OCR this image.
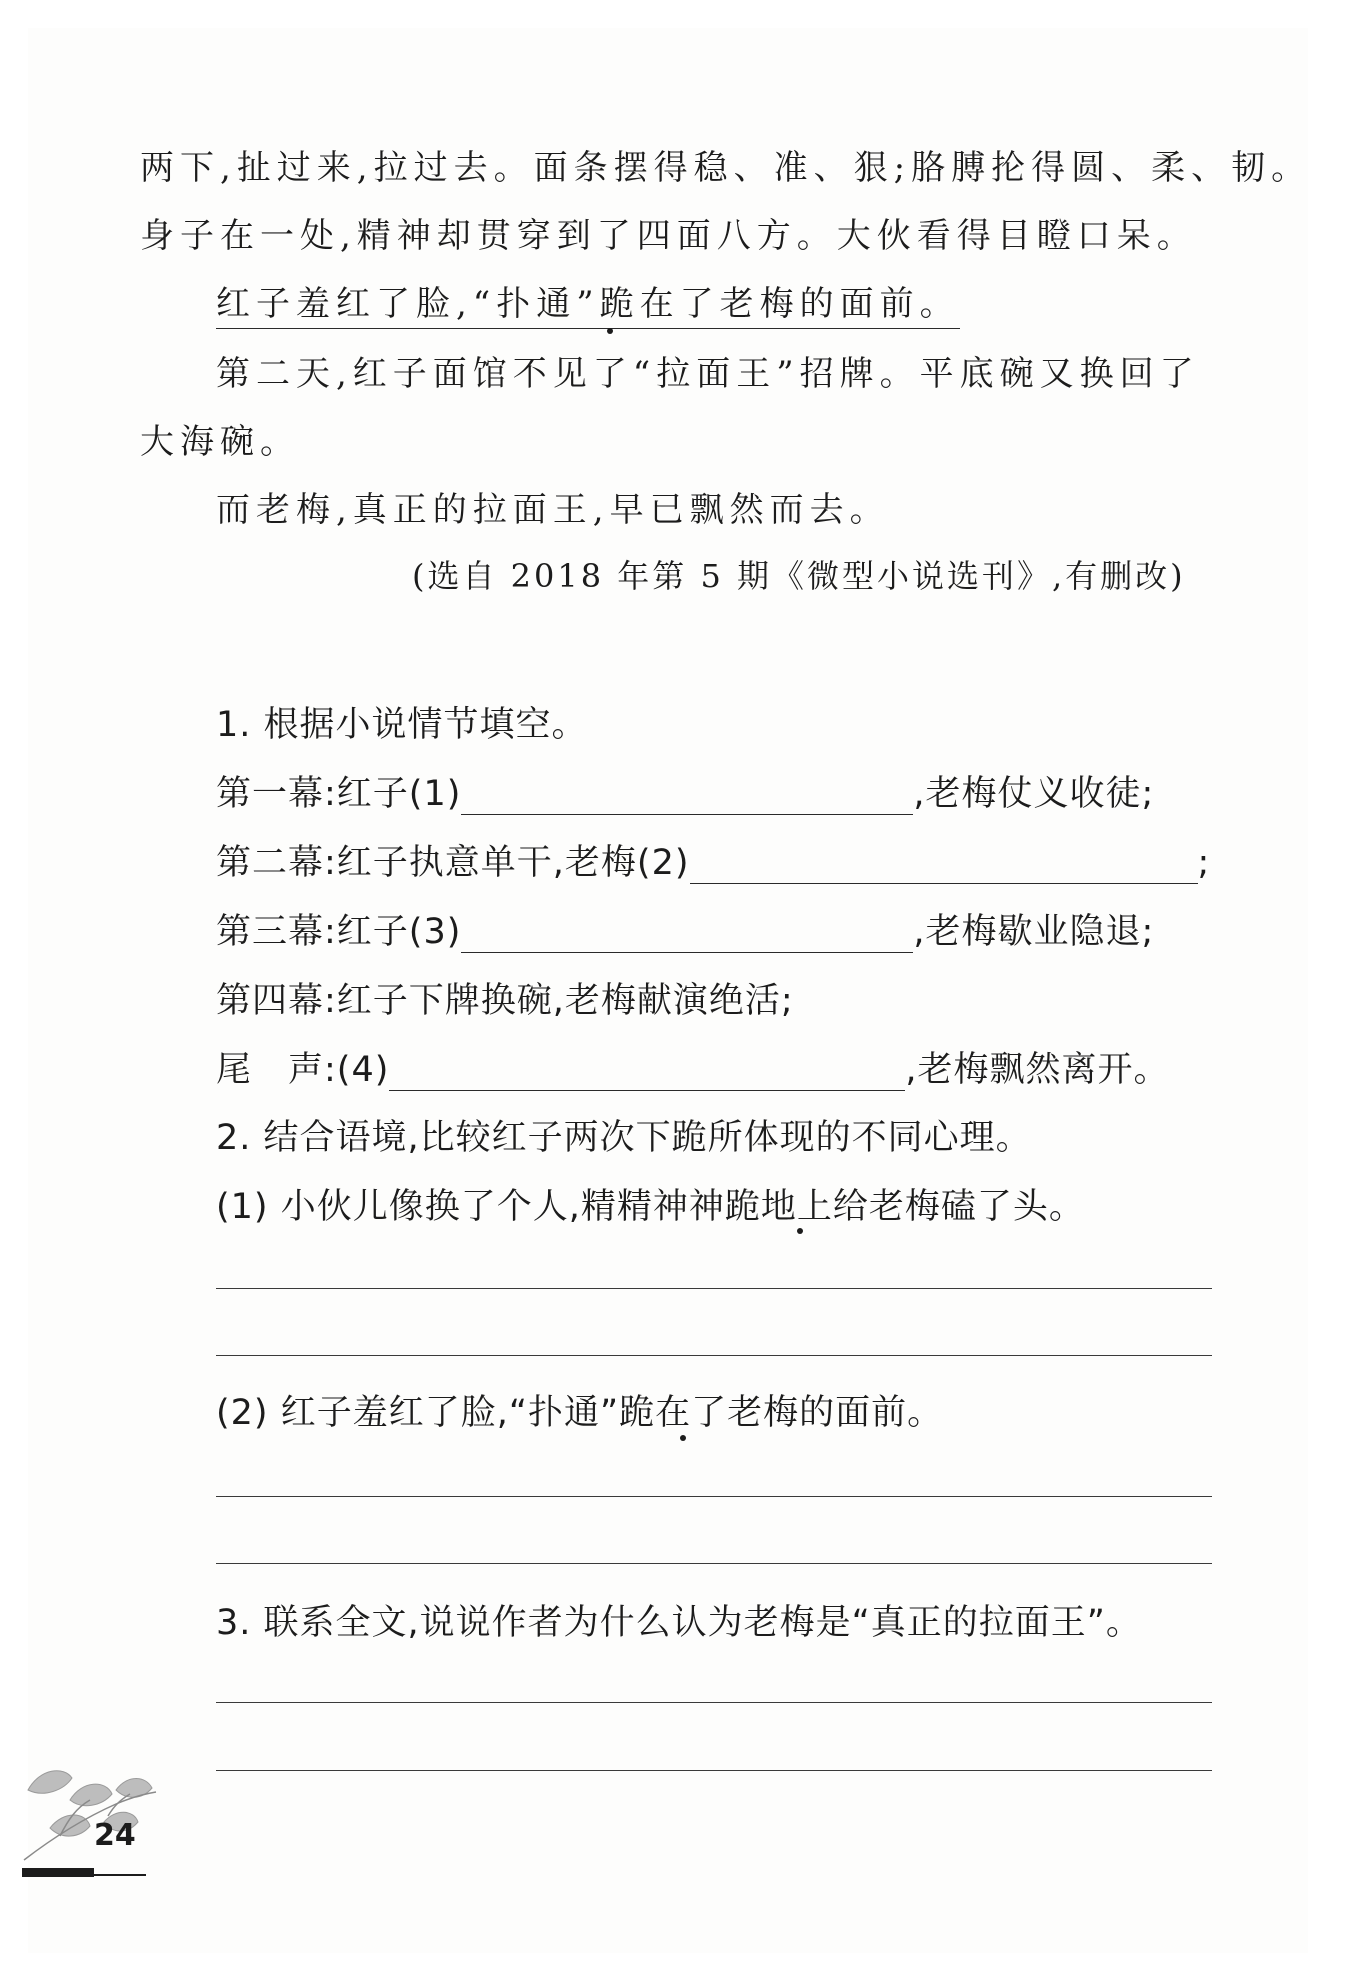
两下,扯过来,拉过去。面条摆得稳、准、狠;胳膊抡得圆、柔、韧。
身子在一处,精神却贯穿到了四面八方。大伙看得目瞪口呆。
红子羞红了脸,“扑通”跪在了老梅的面前。
第二天,红子面馆不见了“拉面王”招牌。平底碗又换回了
大海碗。
而老梅,真正的拉面王,早已飘然而去。
(选自 2018 年第 5 期《微型小说选刊》,有删改)
1. 根据小说情节填空。
第一幕:红子(1)	,老梅仗义收徒;
第二幕:红子执意单干,老梅(2)	;
第三幕:红子(3)	,老梅歇业隐退;
第四幕:红子下牌换碗,老梅献演绝活;
尾　声:(4)	,老梅飘然离开。
2. 结合语境,比较红子两次下跪所体现的不同心理。
(1) 小伙儿像换了个人,精精神神跪地上给老梅磕了头。
(2) 红子羞红了脸,“扑通”跪在了老梅的面前。
3. 联系全文,说说作者为什么认为老梅是“真正的拉面王”。
24
